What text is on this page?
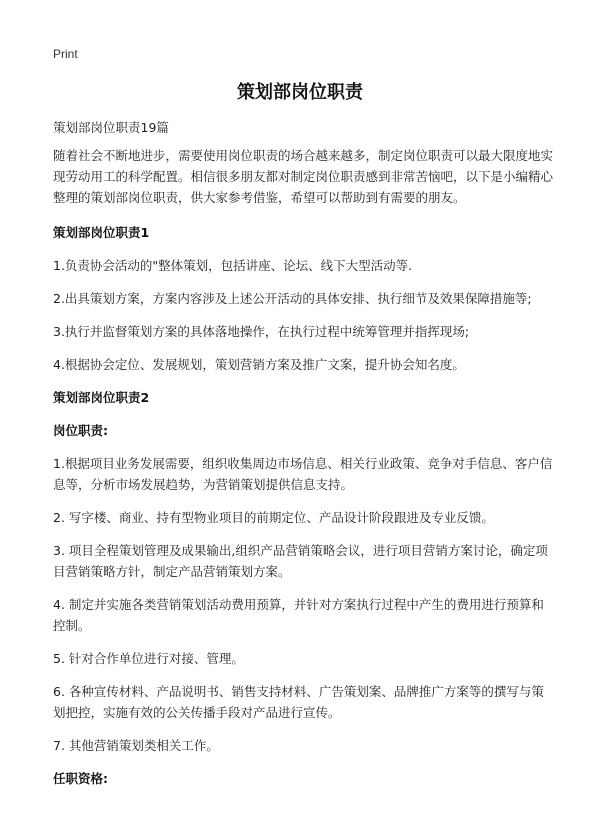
Print
策划部岗位职责

策划部岗位职责19篇

随着社会不断地进步，需要使用岗位职责的场合越来越多，制定岗位职责可以最大限度地实现劳动用工的科学配置。相信很多朋友都对制定岗位职责感到非常苦恼吧，以下是小编精心整理的策划部岗位职责，供大家参考借鉴，希望可以帮助到有需要的朋友。

策划部岗位职责1

1.负责协会活动的"整体策划，包括讲座、论坛、线下大型活动等.

2.出具策划方案，方案内容涉及上述公开活动的具体安排、执行细节及效果保障措施等;

3.执行并监督策划方案的具体落地操作，在执行过程中统筹管理并指挥现场;

4.根据协会定位、发展规划，策划营销方案及推广文案，提升协会知名度。

策划部岗位职责2

岗位职责:

1.根据项目业务发展需要，组织收集周边市场信息、相关行业政策、竞争对手信息、客户信息等，分析市场发展趋势，为营销策划提供信息支持。

2. 写字楼、商业、持有型物业项目的前期定位、产品设计阶段跟进及专业反馈。

3. 项目全程策划管理及成果输出,组织产品营销策略会议，进行项目营销方案讨论，确定项目营销策略方针，制定产品营销策划方案。

4. 制定并实施各类营销策划活动费用预算，并针对方案执行过程中产生的费用进行预算和控制。

5. 针对合作单位进行对接、管理。

6. 各种宣传材料、产品说明书、销售支持材料、广告策划案、品牌推广方案等的撰写与策划把控，实施有效的公关传播手段对产品进行宣传。

7. 其他营销策划类相关工作。

任职资格:
